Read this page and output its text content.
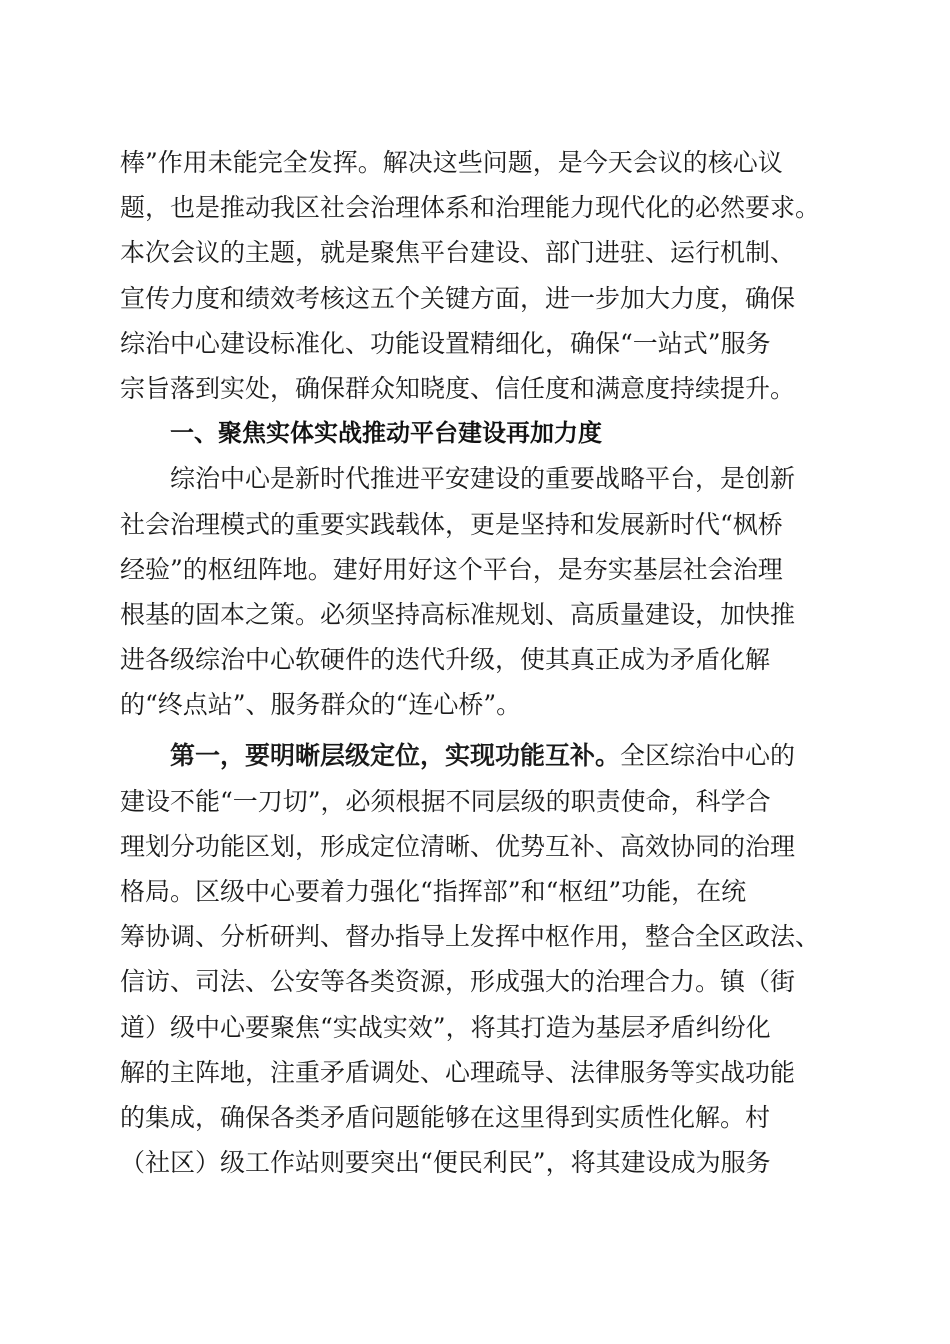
棒”作用未能完全发挥。解决这些问题，是今天会议的核心议
题，也是推动我区社会治理体系和治理能力现代化的必然要求。
本次会议的主题，就是聚焦平台建设、部门进驻、运行机制、
宣传力度和绩效考核这五个关键方面，进一步加大力度，确保
综治中心建设标准化、功能设置精细化，确保“一站式”服务
宗旨落到实处，确保群众知晓度、信任度和满意度持续提升。
一、聚焦实体实战推动平台建设再加力度
综治中心是新时代推进平安建设的重要战略平台，是创新
社会治理模式的重要实践载体，更是坚持和发展新时代“枫桥
经验”的枢纽阵地。建好用好这个平台，是夯实基层社会治理
根基的固本之策。必须坚持高标准规划、高质量建设，加快推
进各级综治中心软硬件的迭代升级，使其真正成为矛盾化解
的“终点站”、服务群众的“连心桥”。
第一，要明晰层级定位，实现功能互补。全区综治中心的
建设不能“一刀切”，必须根据不同层级的职责使命，科学合
理划分功能区划，形成定位清晰、优势互补、高效协同的治理
格局。区级中心要着力强化“指挥部”和“枢纽”功能，在统
筹协调、分析研判、督办指导上发挥中枢作用，整合全区政法、
信访、司法、公安等各类资源，形成强大的治理合力。镇（街
道）级中心要聚焦“实战实效”，将其打造为基层矛盾纠纷化
解的主阵地，注重矛盾调处、心理疏导、法律服务等实战功能
的集成，确保各类矛盾问题能够在这里得到实质性化解。村
（社区）级工作站则要突出“便民利民”，将其建设成为服务
